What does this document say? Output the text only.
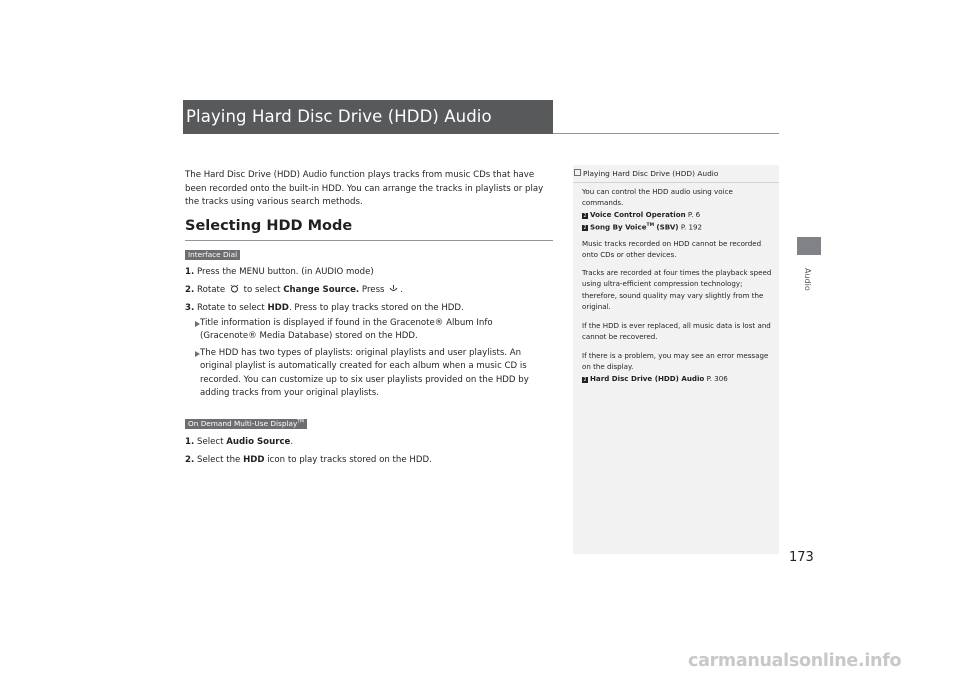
Playing Hard Disc Drive (HDD) Audio
Audio
173
The Hard Disc Drive (HDD) Audio function plays tracks from music CDs that have been recorded onto the built-in HDD. You can arrange the tracks in playlists or play the tracks using various search methods.
Selecting HDD Mode
Interface Dial
1. Press the MENU button. (in AUDIO mode)
2. Rotate to select Change Source. Press .
3. Rotate to select HDD. Press to play tracks stored on the HDD.
Title information is displayed if found in the Gracenote® Album Info (Gracenote® Media Database) stored on the HDD.
The HDD has two types of playlists: original playlists and user playlists. An original playlist is automatically created for each album when a music CD is recorded. You can customize up to six user playlists provided on the HDD by adding tracks from your original playlists.
On Demand Multi-Use Display™
1. Select Audio Source.
2. Select the HDD icon to play tracks stored on the HDD.
Playing Hard Disc Drive (HDD) Audio
You can control the HDD audio using voice commands.
2 Voice Control Operation P. 6
2 Song By Voice™ (SBV) P. 192
Music tracks recorded on HDD cannot be recorded onto CDs or other devices.
Tracks are recorded at four times the playback speed using ultra-efficient compression technology; therefore, sound quality may vary slightly from the original.
If the HDD is ever replaced, all music data is lost and cannot be recovered.
If there is a problem, you may see an error message on the display.
2 Hard Disc Drive (HDD) Audio P. 306
carmanualsonline.info
